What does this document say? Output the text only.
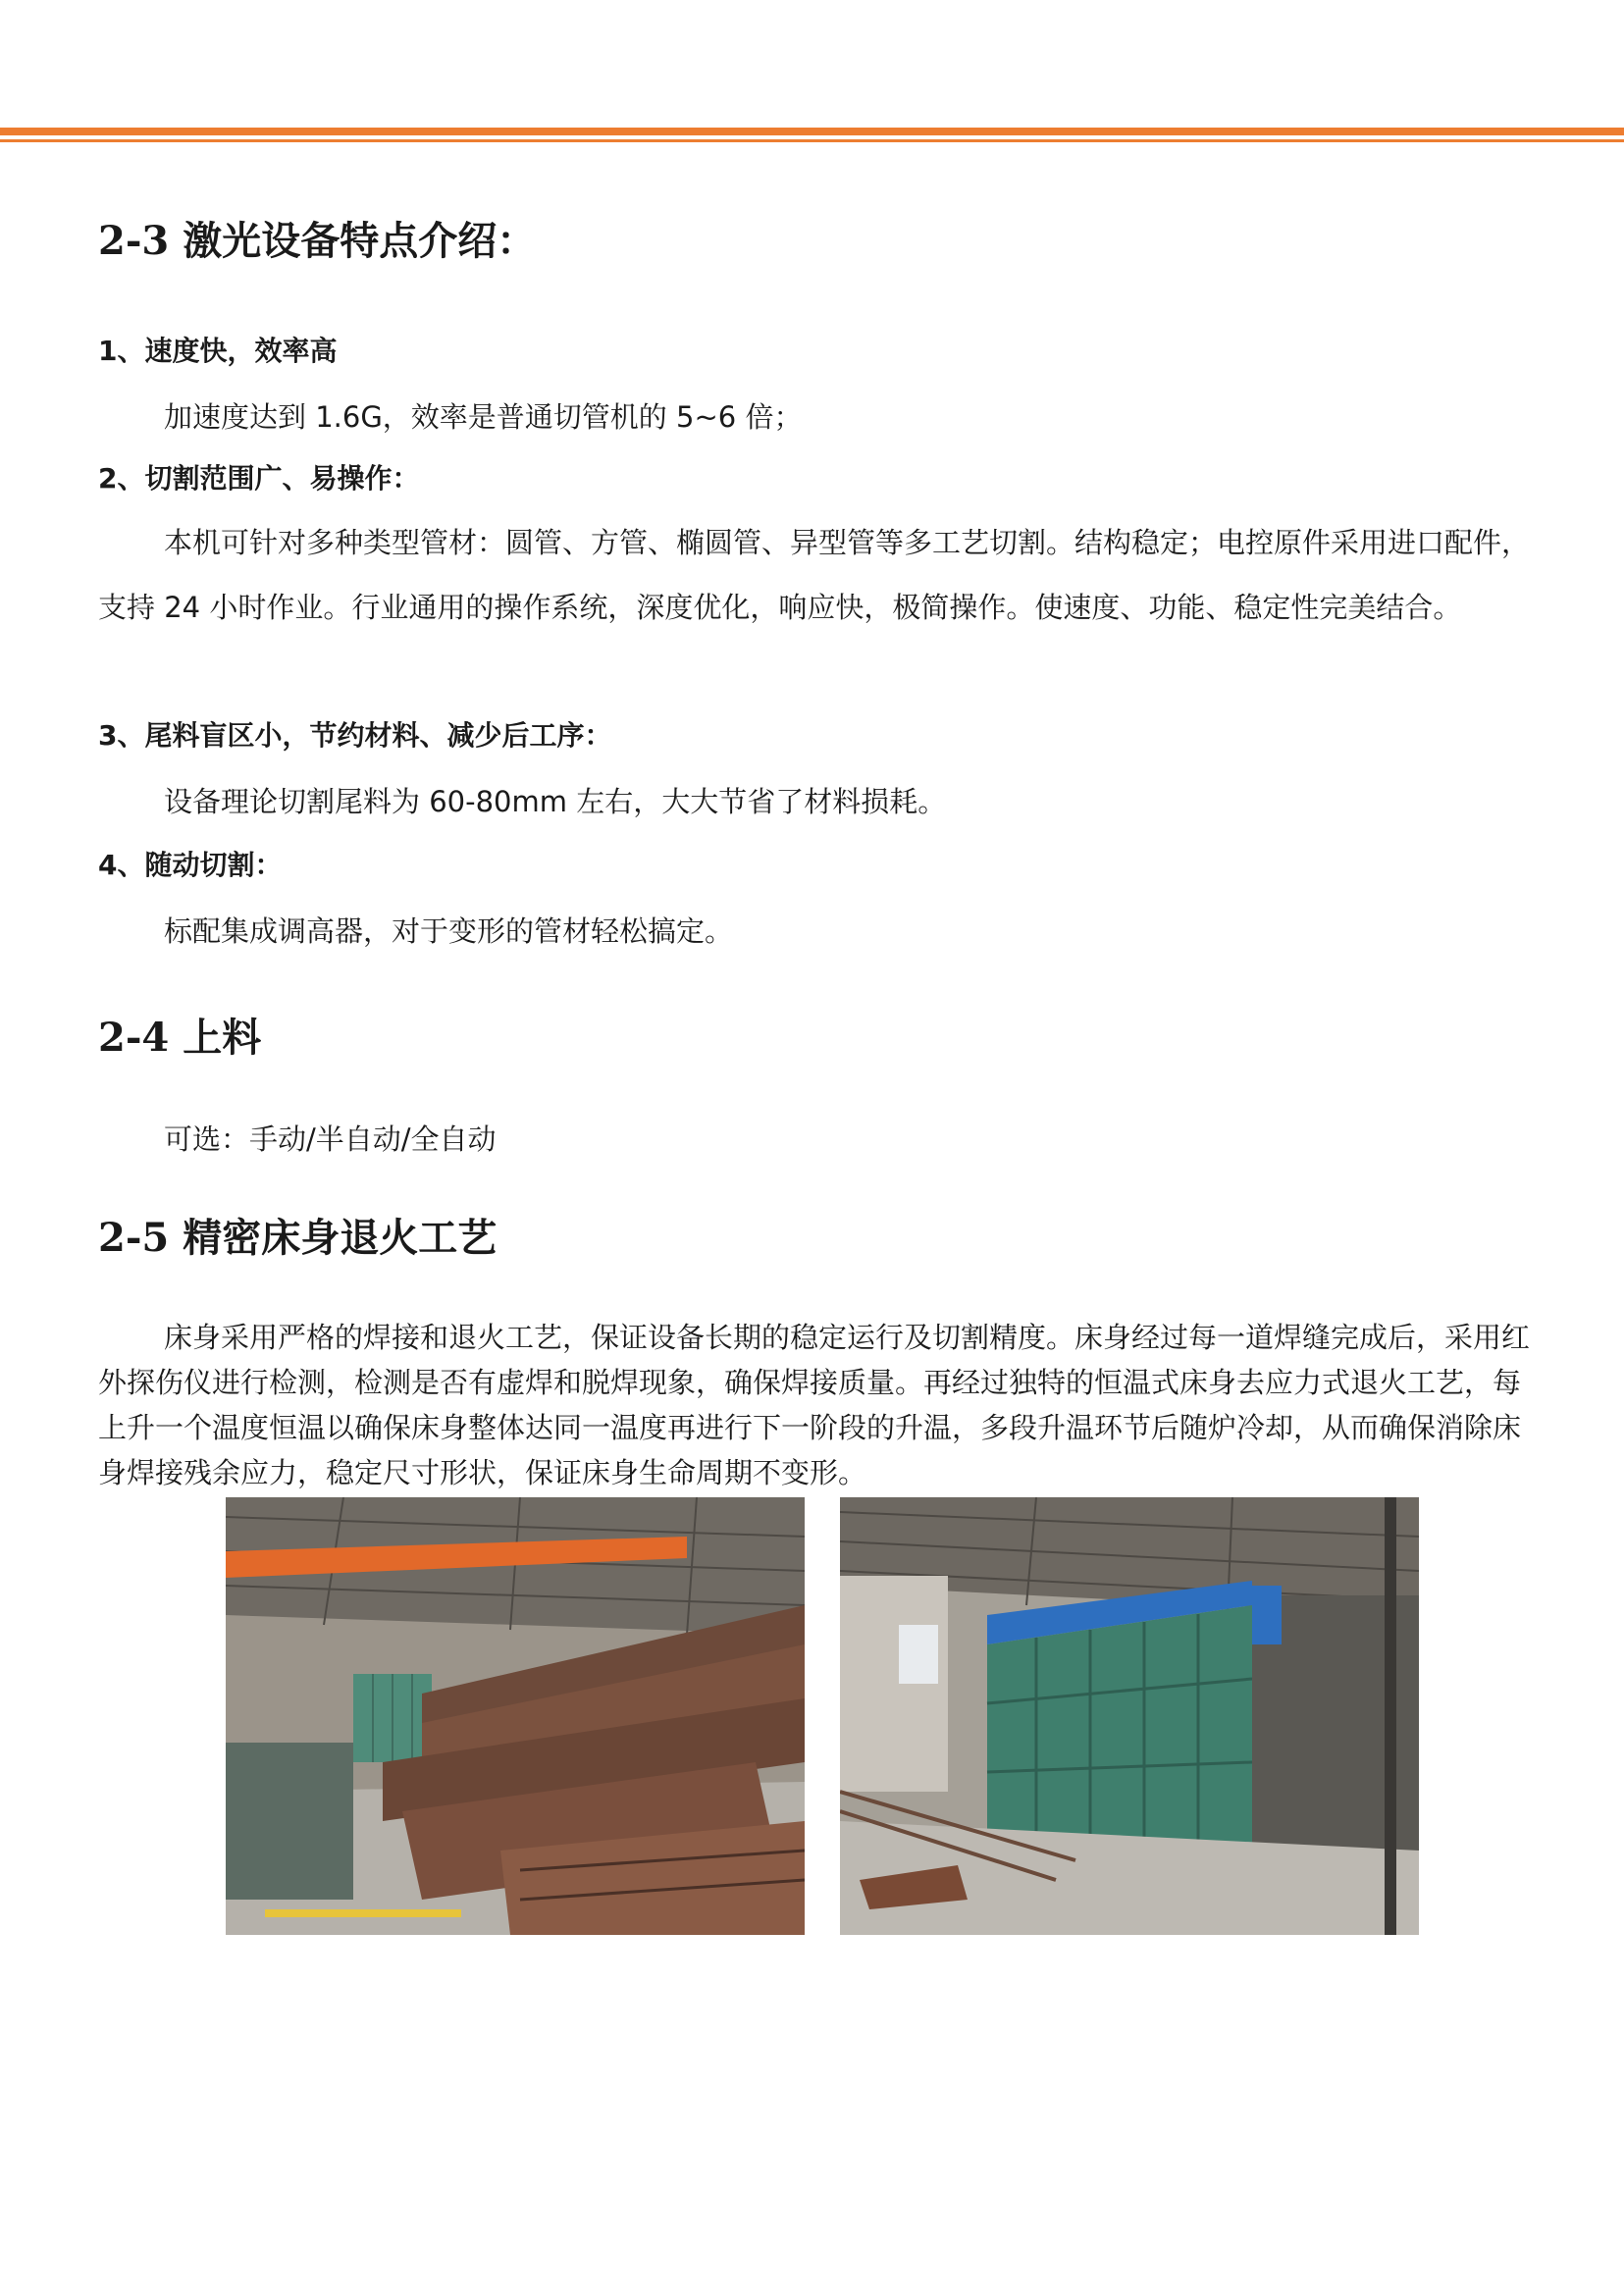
2-3 激光设备特点介绍：
1、速度快，效率高

加速度达到 1.6G，效率是普通切管机的 5~6 倍；

2、切割范围广、易操作：

本机可针对多种类型管材：圆管、方管、椭圆管、异型管等多工艺切割。结构稳定；电控原件采用进口配件，支持 24 小时作业。行业通用的操作系统，深度优化，响应快，极简操作。使速度、功能、稳定性完美结合。

3、尾料盲区小，节约材料、减少后工序：

设备理论切割尾料为 60-80mm 左右，大大节省了材料损耗。

4、随动切割：

标配集成调高器，对于变形的管材轻松搞定。

2-4 上料

可选：手动/半自动/全自动

2-5 精密床身退火工艺

床身采用严格的焊接和退火工艺，保证设备长期的稳定运行及切割精度。床身经过每一道焊缝完成后，采用红外探伤仪进行检测，检测是否有虚焊和脱焊现象，确保焊接质量。再经过独特的恒温式床身去应力式退火工艺，每上升一个温度恒温以确保床身整体达同一温度再进行下一阶段的升温，多段升温环节后随炉冷却，从而确保消除床身焊接残余应力，稳定尺寸形状，保证床身生命周期不变形。
